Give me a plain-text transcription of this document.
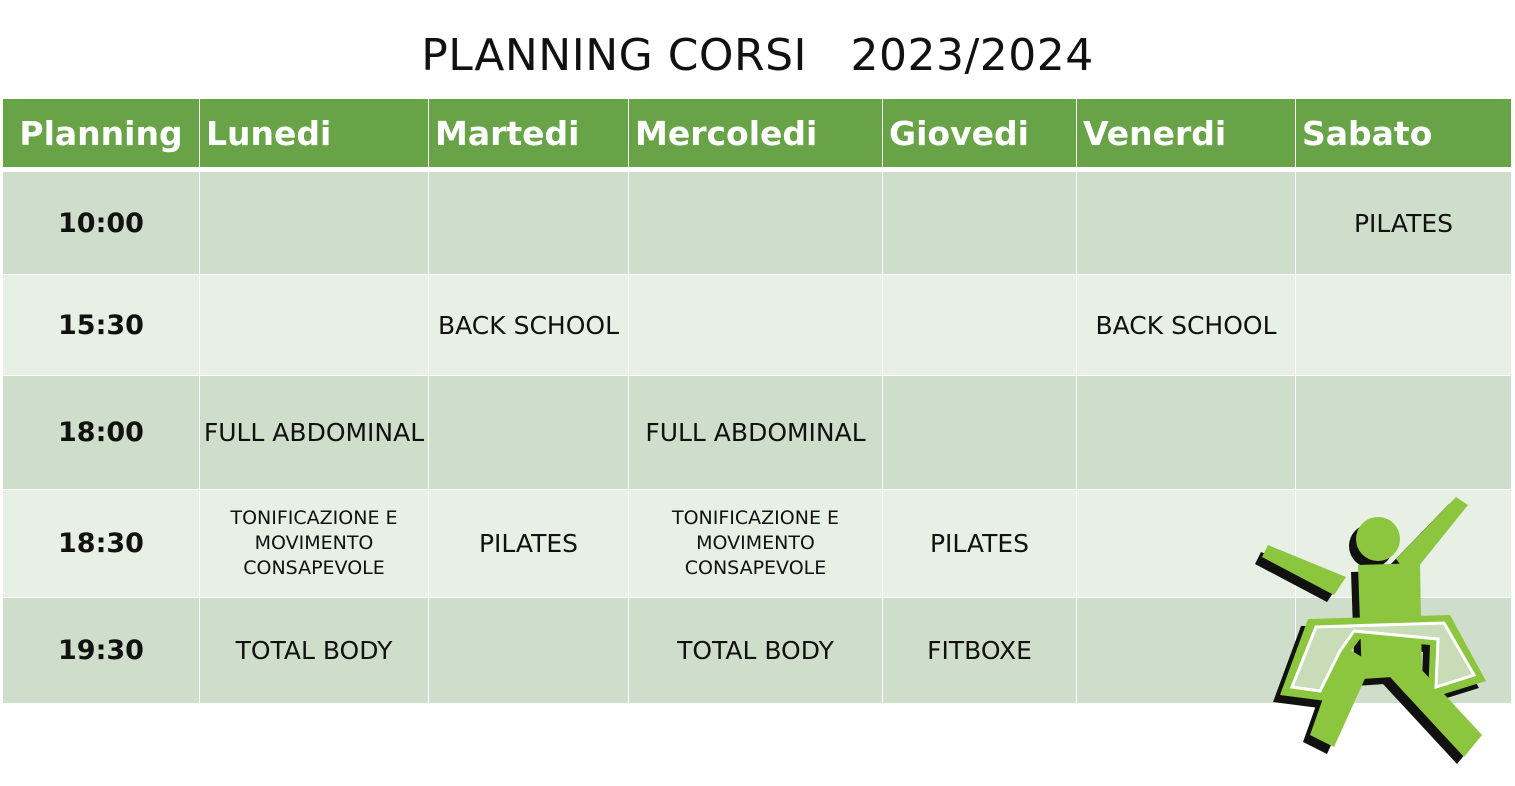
PLANNING CORSI   2023/2024
Planning	Lunedi	Martedi	Mercoledi	Giovedi	Venerdi	Sabato
10:00						PILATES
15:30		BACK SCHOOL			BACK SCHOOL	
18:00	FULL ABDOMINAL		FULL ABDOMINAL			
18:30	TONIFICAZIONE E MOVIMENTO CONSAPEVOLE	PILATES	TONIFICAZIONE E MOVIMENTO CONSAPEVOLE	PILATES		
19:30	TOTAL BODY		TOTAL BODY	FITBOXE		
